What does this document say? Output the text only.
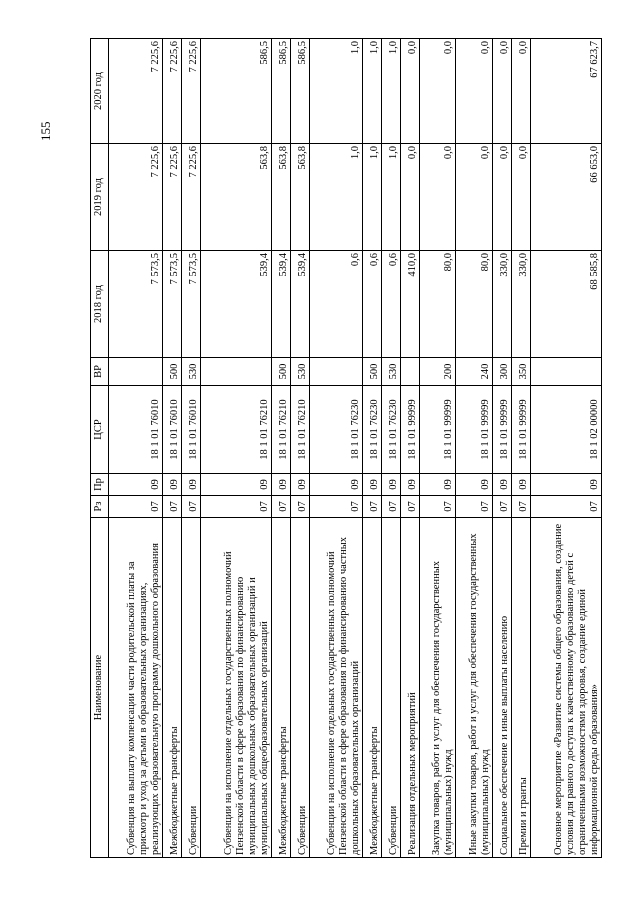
155
Наименование	Рз	Пр	ЦСР	ВР	2018 год	2019 год	2020 год
Субвенция на выплату компенсации части родительской платы за присмотр и уход за детьми в образовательных организациях, реализующих образовательную программу дошкольного образования	07	09	18 1 01 76010		7 573,5	7 225,6	7 225,6
Межбюджетные трансферты	07	09	18 1 01 76010	500	7 573,5	7 225,6	7 225,6
Субвенции	07	09	18 1 01 76010	530	7 573,5	7 225,6	7 225,6
Субвенции на исполнение отдельных государственных полномочий Пензенской области в сфере образования по финансированию муниципальных дошкольных образовательных организаций и муниципальных общеобразовательных организаций	07	09	18 1 01 76210		539,4	563,8	586,5
Межбюджетные трансферты	07	09	18 1 01 76210	500	539,4	563,8	586,5
Субвенции	07	09	18 1 01 76210	530	539,4	563,8	586,5
Субвенции на исполнение отдельных государственных полномочий Пензенской области в сфере образования по финансированию частных дошкольных образовательных организаций	07	09	18 1 01 76230		0,6	1,0	1,0
Межбюджетные трансферты	07	09	18 1 01 76230	500	0,6	1,0	1,0
Субвенции	07	09	18 1 01 76230	530	0,6	1,0	1,0
Реализация отдельных мероприятий	07	09	18 1 01 99999		410,0	0,0	0,0
Закупка товаров, работ и услуг для обеспечения государственных (муниципальных) нужд	07	09	18 1 01 99999	200	80,0	0,0	0,0
Иные закупки товаров, работ и услуг для обеспечения государственных (муниципальных) нужд	07	09	18 1 01 99999	240	80,0	0,0	0,0
Социальное обеспечение и иные выплаты населению	07	09	18 1 01 99999	300	330,0	0,0	0,0
Премии и гранты	07	09	18 1 01 99999	350	330,0	0,0	0,0
Основное мероприятие «Развитие системы общего образования, создание условия для равного доступа к качественному образованию детей с ограниченными возможностями здоровья, создание единой информационной среды образования»	07	09	18 1 02 00000		68 585,8	66 653,0	67 623,7
